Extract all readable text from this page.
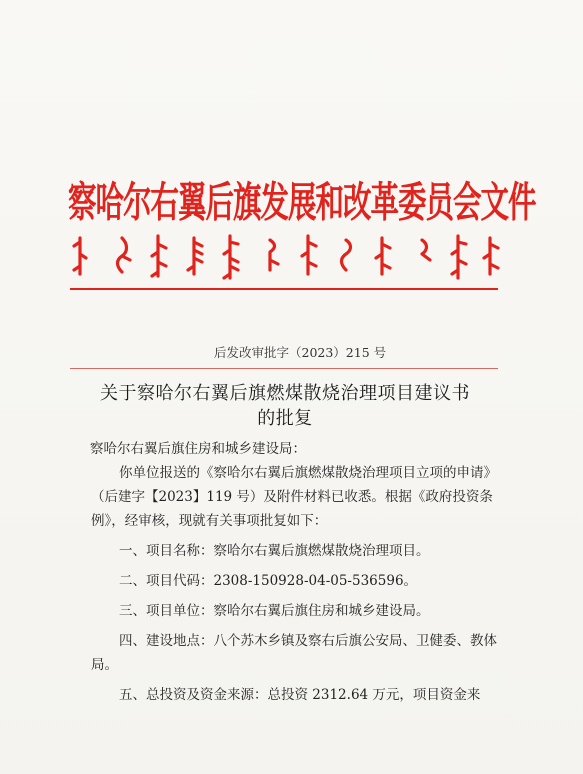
察哈尔右翼后旗发展和改革委员会文件
后发改审批字（2023）215 号
关于察哈尔右翼后旗燃煤散烧治理项目建议书
的批复
察哈尔右翼后旗住房和城乡建设局：

你单位报送的《察哈尔右翼后旗燃煤散烧治理项目立项的申请》（后建字【2023】119 号）及附件材料已收悉。根据《政府投资条例》，经审核，现就有关事项批复如下：

一、项目名称：察哈尔右翼后旗燃煤散烧治理项目。

二、项目代码：2308-150928-04-05-536596。

三、项目单位：察哈尔右翼后旗住房和城乡建设局。

四、建设地点：八个苏木乡镇及察右后旗公安局、卫健委、教体局。

五、总投资及资金来源：总投资 2312.64 万元，项目资金来
